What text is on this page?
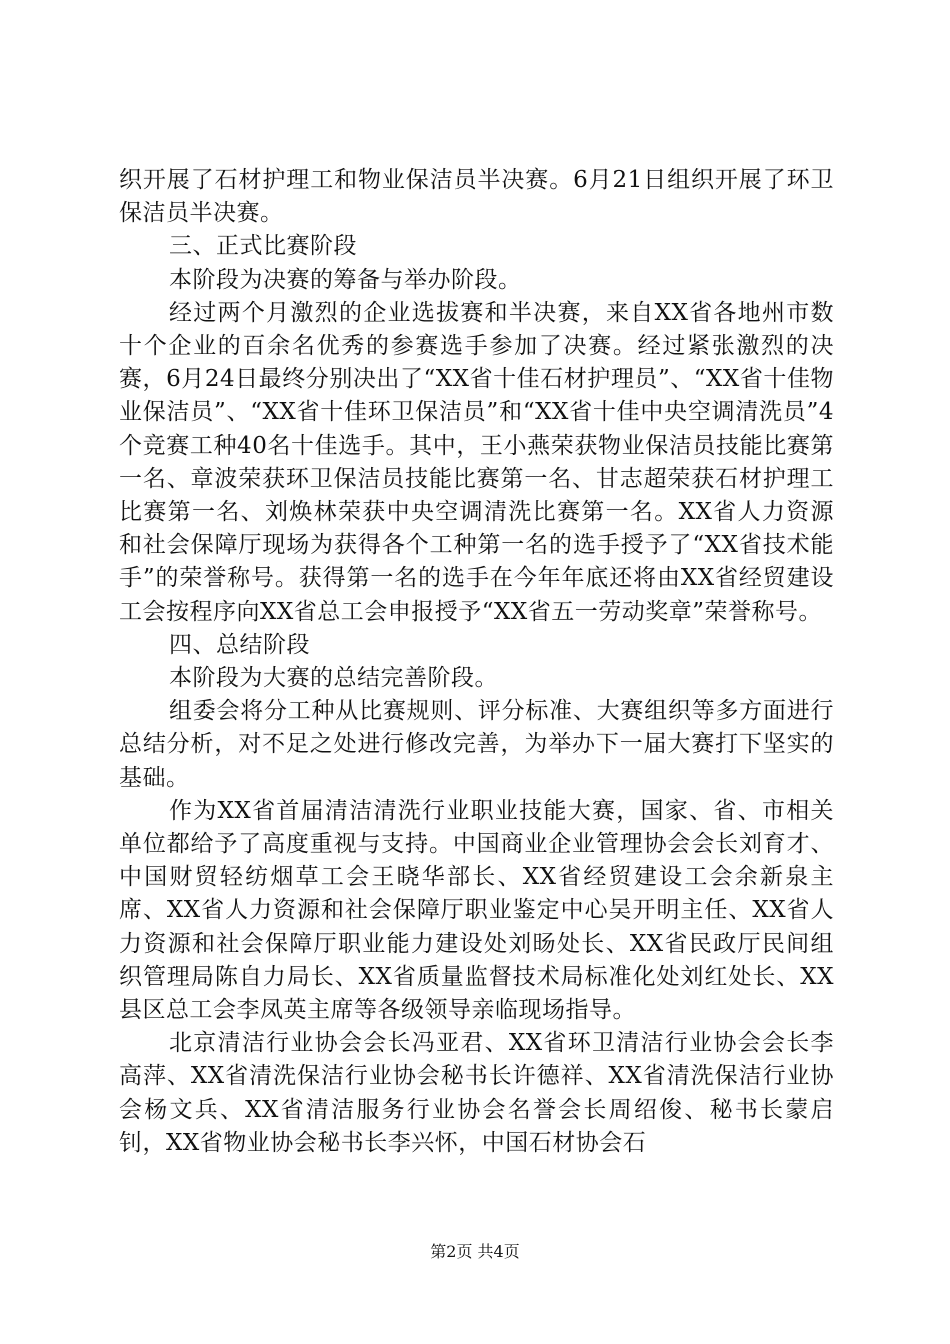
织开展了石材护理工和物业保洁员半决赛。6月21日组织开展了环卫保洁员半决赛。

三、正式比赛阶段

本阶段为决赛的筹备与举办阶段。

经过两个月激烈的企业选拔赛和半决赛，来自XX省各地州市数十个企业的百余名优秀的参赛选手参加了决赛。经过紧张激烈的决赛，6月24日最终分别决出了“XX省十佳石材护理员”、“XX省十佳物业保洁员”、“XX省十佳环卫保洁员”和“XX省十佳中央空调清洗员”4个竞赛工种40名十佳选手。其中，王小燕荣获物业保洁员技能比赛第一名、章波荣获环卫保洁员技能比赛第一名、甘志超荣获石材护理工比赛第一名、刘焕林荣获中央空调清洗比赛第一名。XX省人力资源和社会保障厅现场为获得各个工种第一名的选手授予了“XX省技术能手”的荣誉称号。获得第一名的选手在今年年底还将由XX省经贸建设工会按程序向XX省总工会申报授予“XX省五一劳动奖章”荣誉称号。

四、总结阶段

本阶段为大赛的总结完善阶段。

组委会将分工种从比赛规则、评分标准、大赛组织等多方面进行总结分析，对不足之处进行修改完善，为举办下一届大赛打下坚实的基础。

作为XX省首届清洁清洗行业职业技能大赛，国家、省、市相关单位都给予了高度重视与支持。中国商业企业管理协会会长刘育才、中国财贸轻纺烟草工会王晓华部长、XX省经贸建设工会余新泉主席、XX省人力资源和社会保障厅职业鉴定中心吴开明主任、XX省人力资源和社会保障厅职业能力建设处刘旸处长、XX省民政厅民间组织管理局陈自力局长、XX省质量监督技术局标准化处刘红处长、XX县区总工会李凤英主席等各级领导亲临现场指导。

北京清洁行业协会会长冯亚君、XX省环卫清洁行业协会会长李高萍、XX省清洗保洁行业协会秘书长许德祥、XX省清洗保洁行业协会杨文兵、XX省清洁服务行业协会名誉会长周绍俊、秘书长蒙启钊，XX省物业协会秘书长李兴怀，中国石材协会石

第2页 共4页
